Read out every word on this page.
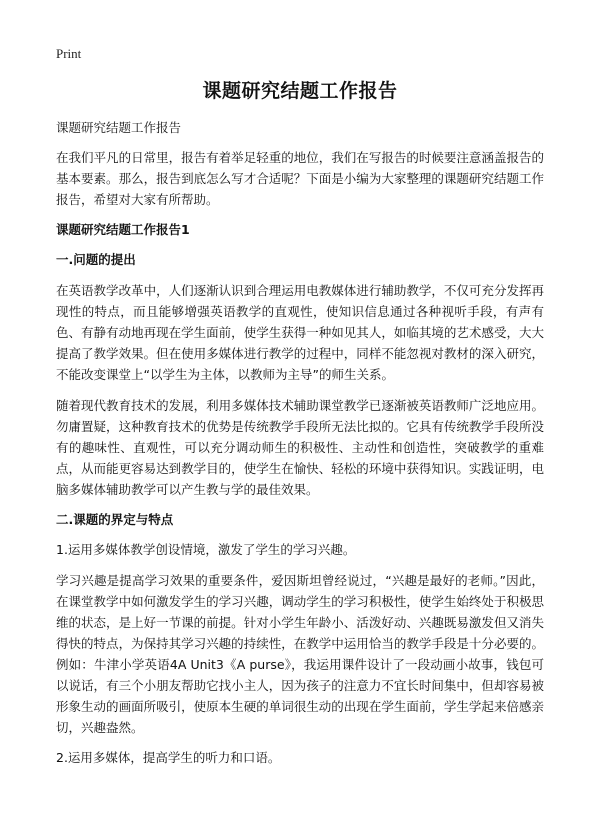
Print
课题研究结题工作报告
课题研究结题工作报告

在我们平凡的日常里，报告有着举足轻重的地位，我们在写报告的时候要注意涵盖报告的基本要素。那么，报告到底怎么写才合适呢？下面是小编为大家整理的课题研究结题工作报告，希望对大家有所帮助。

课题研究结题工作报告1
一.问题的提出

在英语教学改革中，人们逐渐认识到合理运用电教媒体进行辅助教学，不仅可充分发挥再现性的特点，而且能够增强英语教学的直观性，使知识信息通过各种视听手段，有声有色、有静有动地再现在学生面前，使学生获得一种如见其人，如临其境的艺术感受，大大提高了教学效果。但在使用多媒体进行教学的过程中，同样不能忽视对教材的深入研究，不能改变课堂上“以学生为主体，以教师为主导”的师生关系。

随着现代教育技术的发展，利用多媒体技术辅助课堂教学已逐渐被英语教师广泛地应用。勿庸置疑，这种教育技术的优势是传统教学手段所无法比拟的。它具有传统教学手段所没有的趣味性、直观性，可以充分调动师生的积极性、主动性和创造性，突破教学的重难点，从而能更容易达到教学目的，使学生在愉快、轻松的环境中获得知识。实践证明，电脑多媒体辅助教学可以产生教与学的最佳效果。

二.课题的界定与特点
1.运用多媒体教学创设情境，激发了学生的学习兴趣。

学习兴趣是提高学习效果的重要条件，爱因斯坦曾经说过，“兴趣是最好的老师。”因此，在课堂教学中如何激发学生的学习兴趣，调动学生的学习积极性，使学生始终处于积极思维的状态，是上好一节课的前提。针对小学生年龄小、活泼好动、兴趣既易激发但又消失得快的特点，为保持其学习兴趣的持续性，在教学中运用恰当的教学手段是十分必要的。例如：牛津小学英语4A Unit3《A purse》，我运用课件设计了一段动画小故事，钱包可以说话，有三个小朋友帮助它找小主人，因为孩子的注意力不宜长时间集中，但却容易被形象生动的画面所吸引，使原本生硬的单词很生动的出现在学生面前，学生学起来倍感亲切，兴趣盎然。

2.运用多媒体，提高学生的听力和口语。
